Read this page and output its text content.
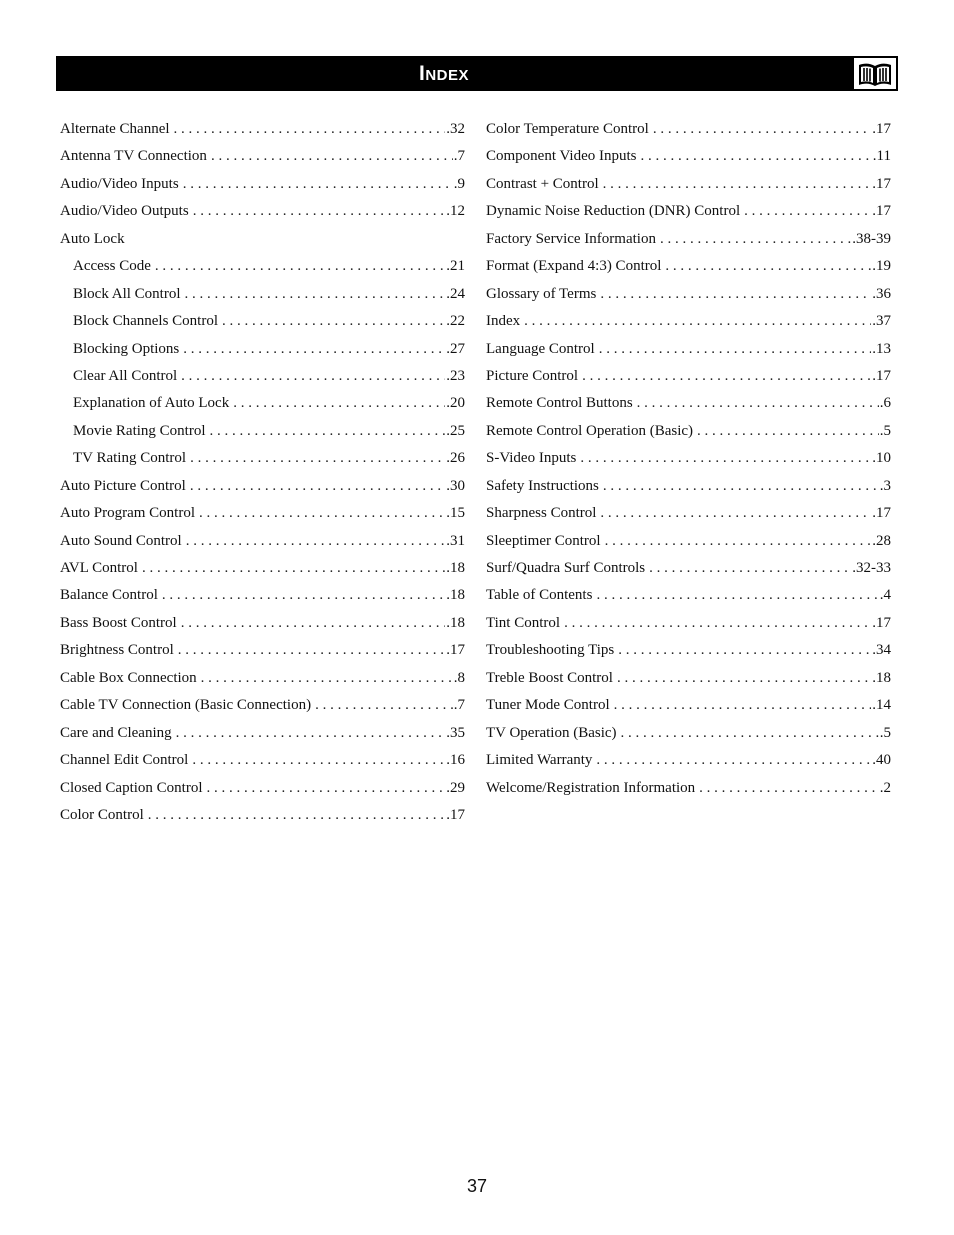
Index
Alternate Channel . . .	.32
Antenna TV Connection . . .	.7
Audio/Video Inputs . . .	.9
Audio/Video Outputs . . .	.12
Auto Lock
Access Code . . .	.21
Block All Control . . .	.24
Block Channels Control . . .	.22
Blocking Options . . .	.27
Clear All Control . . .	.23
Explanation of Auto Lock . . .	.20
Movie Rating Control . . .	.25
TV Rating Control . . .	.26
Auto Picture Control . . .	.30
Auto Program Control . . .	.15
Auto Sound Control . . .	.31
AVL Control . . .	.18
Balance Control . . .	.18
Bass Boost Control . . .	.18
Brightness Control . . .	.17
Cable Box Connection . . .	.8
Cable TV Connection (Basic Connection) . . .	.7
Care and Cleaning . . .	.35
Channel Edit Control . . .	.16
Closed Caption Control . . .	.29
Color Control . . .	.17
Color Temperature Control . . .	.17
Component Video Inputs . . .	.11
Contrast + Control . . .	.17
Dynamic Noise Reduction (DNR) Control . . .	.17
Factory Service Information . . .	.38-39
Format (Expand 4:3) Control . . .	.19
Glossary of Terms . . .	.36
Index . . .	.37
Language Control . . .	.13
Picture Control . . .	.17
Remote Control Buttons . . .	.6
Remote Control Operation (Basic) . . .	.5
S-Video Inputs . . .	.10
Safety Instructions . . .	.3
Sharpness Control . . .	.17
Sleeptimer Control . . .	.28
Surf/Quadra Surf Controls . . .	.32-33
Table of Contents . . .	.4
Tint Control . . .	.17
Troubleshooting Tips . . .	.34
Treble Boost Control . . .	.18
Tuner Mode Control . . .	.14
TV Operation (Basic) . . .	.5
Limited Warranty . . .	.40
Welcome/Registration Information . . .	.2
37
